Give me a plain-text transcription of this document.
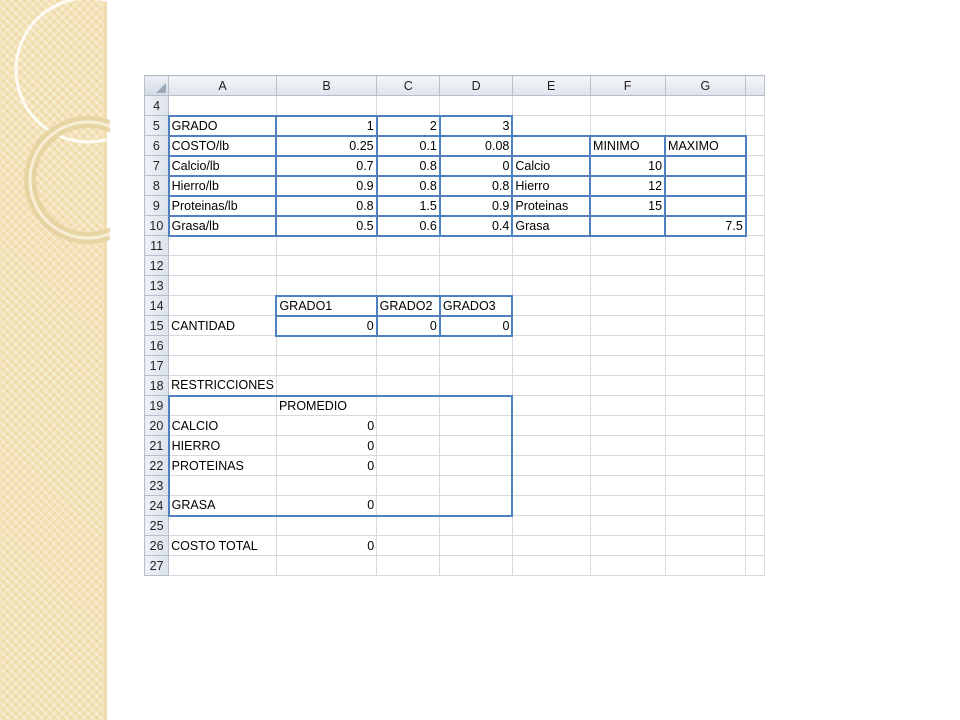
	A	B	C	D	E	F	G	
4								
5	GRADO	1	2	3				
6	COSTO/lb	0.25	0.1	0.08		MINIMO	MAXIMO	
7	Calcio/lb	0.7	0.8	0	Calcio	10		
8	Hierro/lb	0.9	0.8	0.8	Hierro	12		
9	Proteinas/lb	0.8	1.5	0.9	Proteinas	15		
10	Grasa/lb	0.5	0.6	0.4	Grasa		7.5	
11								
12								
13								
14		GRADO1	GRADO2	GRADO3				
15	CANTIDAD	0	0	0				
16								
17								
18	RESTRICCIONES							
19		PROMEDIO						
20	CALCIO	0						
21	HIERRO	0						
22	PROTEINAS	0						
23								
24	GRASA	0						
25								
26	COSTO TOTAL	0						
27								
